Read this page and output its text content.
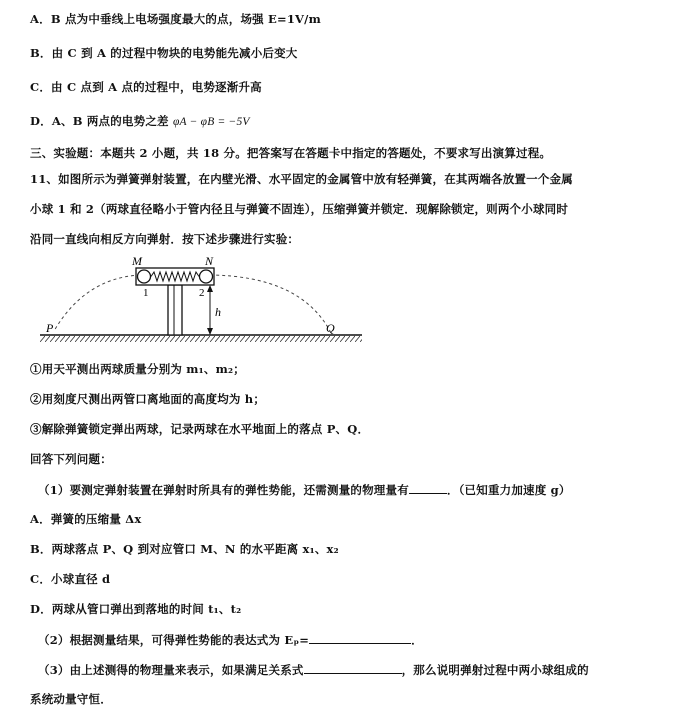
A．B 点为中垂线上电场强度最大的点，场强 E=1V/m
B．由 C 到 A 的过程中物块的电势能先减小后变大
C．由 C 点到 A 点的过程中，电势逐渐升高
D．A、B 两点的电势之差 φA − φB = −5V
三、实验题：本题共 2 小题，共 18 分。把答案写在答题卡中指定的答题处，不要求写出演算过程。
11、如图所示为弹簧弹射装置，在内壁光滑、水平固定的金属管中放有轻弹簧，在其两端各放置一个金属
小球 1 和 2（两球直径略小于管内径且与弹簧不固连），压缩弹簧并锁定．现解除锁定，则两个小球同时
沿同一直线向相反方向弹射．按下述步骤进行实验：
M	N
1	2
h
P	Q
①用天平测出两球质量分别为 m₁、m₂；
②用刻度尺测出两管口离地面的高度均为 h；
③解除弹簧锁定弹出两球，记录两球在水平地面上的落点 P、Q．
回答下列问题：
（1）要测定弹射装置在弹射时所具有的弹性势能，还需测量的物理量有	．（已知重力加速度 g）
A．弹簧的压缩量 Δx
B．两球落点 P、Q 到对应管口 M、N 的水平距离 x₁、x₂
C．小球直径 d
D．两球从管口弹出到落地的时间 t₁、t₂
（2）根据测量结果，可得弹性势能的表达式为 Eₚ=	．
（3）由上述测得的物理量来表示，如果满足关系式	，那么说明弹射过程中两小球组成的
系统动量守恒．
